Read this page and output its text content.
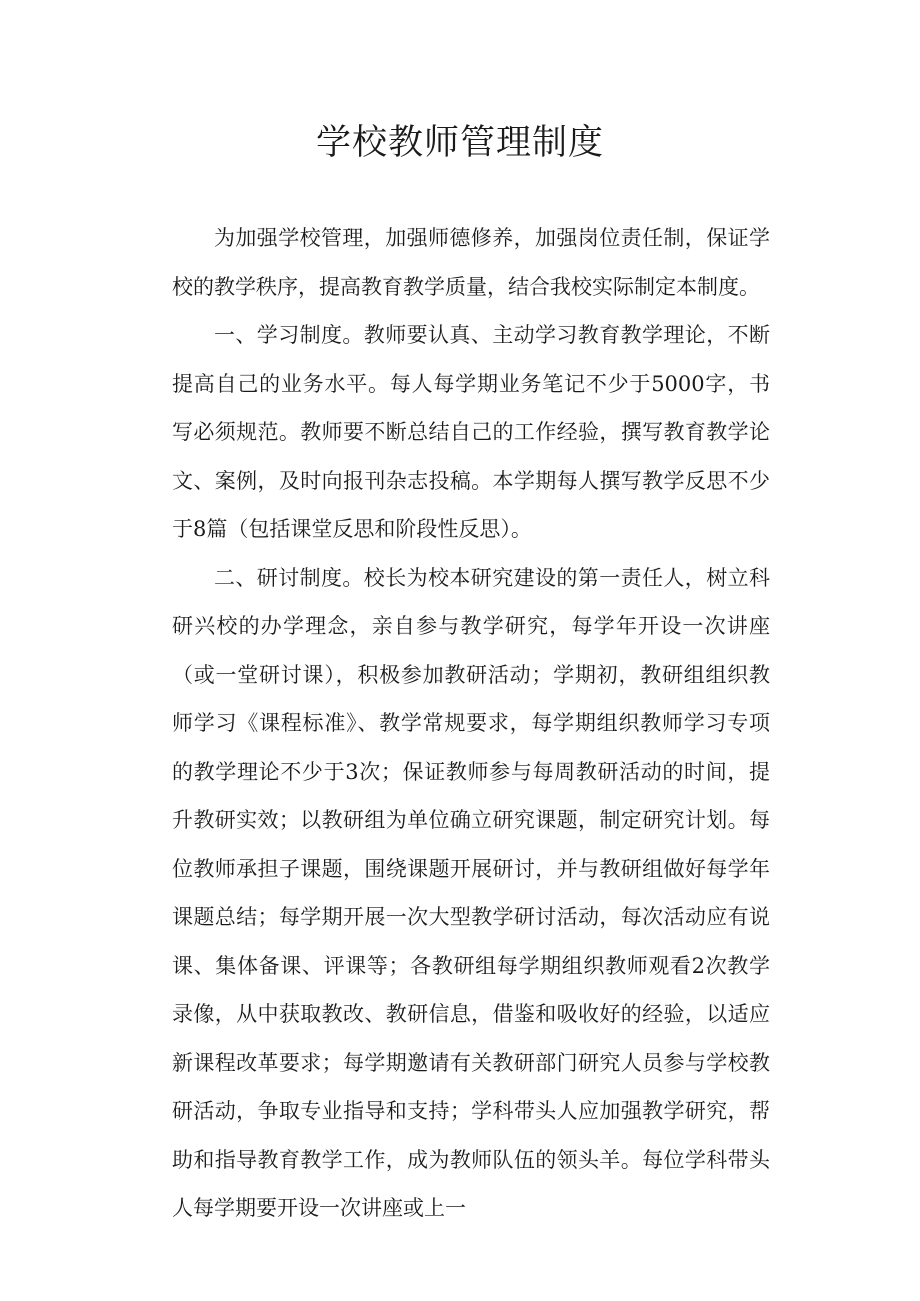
学校教师管理制度

为加强学校管理，加强师德修养，加强岗位责任制，保证学校的教学秩序，提高教育教学质量，结合我校实际制定本制度。

一、学习制度。教师要认真、主动学习教育教学理论，不断提高自己的业务水平。每人每学期业务笔记不少于5000字，书写必须规范。教师要不断总结自己的工作经验，撰写教育教学论文、案例，及时向报刊杂志投稿。本学期每人撰写教学反思不少于8篇（包括课堂反思和阶段性反思）。

二、研讨制度。校长为校本研究建设的第一责任人，树立科研兴校的办学理念，亲自参与教学研究，每学年开设一次讲座（或一堂研讨课），积极参加教研活动；学期初，教研组组织教师学习《课程标准》、教学常规要求，每学期组织教师学习专项的教学理论不少于3次；保证教师参与每周教研活动的时间，提升教研实效；以教研组为单位确立研究课题，制定研究计划。每位教师承担子课题，围绕课题开展研讨，并与教研组做好每学年课题总结；每学期开展一次大型教学研讨活动，每次活动应有说课、集体备课、评课等；各教研组每学期组织教师观看2次教学录像，从中获取教改、教研信息，借鉴和吸收好的经验，以适应新课程改革要求；每学期邀请有关教研部门研究人员参与学校教研活动，争取专业指导和支持；学科带头人应加强教学研究，帮助和指导教育教学工作，成为教师队伍的领头羊。每位学科带头人每学期要开设一次讲座或上一
